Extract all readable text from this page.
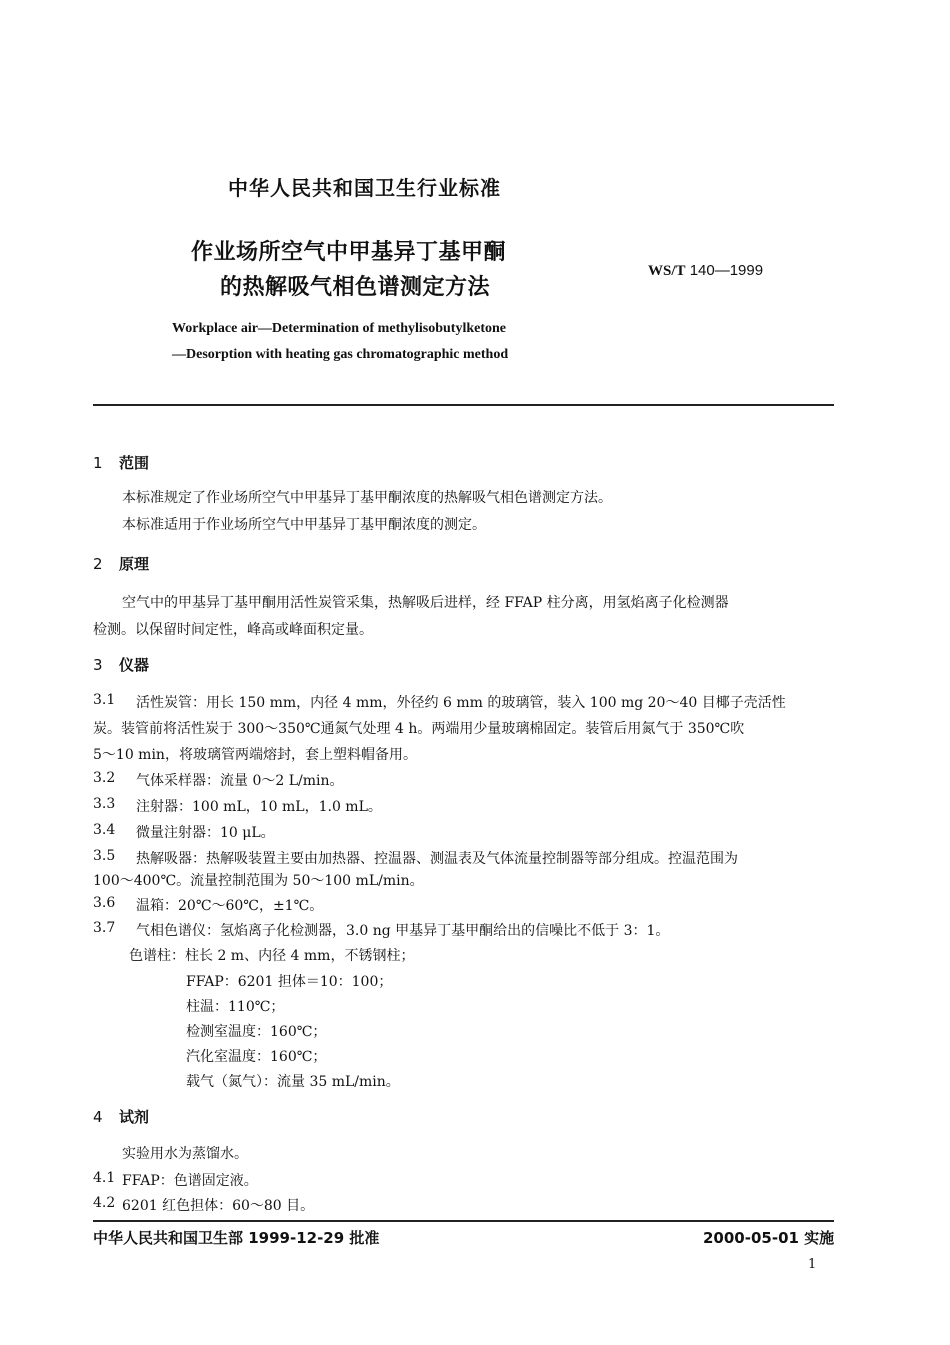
中华人民共和国卫生行业标准
作业场所空气中甲基异丁基甲酮
的热解吸气相色谱测定方法
WS/T 140—1999
Workplace air—Determination of methylisobutylketone
—Desorption with heating gas chromatographic method
1 范围
本标准规定了作业场所空气中甲基异丁基甲酮浓度的热解吸气相色谱测定方法。
本标准适用于作业场所空气中甲基异丁基甲酮浓度的测定。
2 原理
空气中的甲基异丁基甲酮用活性炭管采集，热解吸后进样，经 FFAP 柱分离，用氢焰离子化检测器
检测。以保留时间定性，峰高或峰面积定量。
3 仪器
3.1 活性炭管：用长 150 mm，内径 4 mm，外径约 6 mm 的玻璃管，装入 100 mg 20～40 目椰子壳活性
炭。装管前将活性炭于 300～350℃通氮气处理 4 h。两端用少量玻璃棉固定。装管后用氮气于 350℃吹
5～10 min，将玻璃管两端熔封，套上塑料帽备用。
3.2 气体采样器：流量 0～2 L/min。
3.3 注射器：100 mL，10 mL，1.0 mL。
3.4 微量注射器：10 μL。
3.5 热解吸器：热解吸装置主要由加热器、控温器、测温表及气体流量控制器等部分组成。控温范围为
100～400℃。流量控制范围为 50～100 mL/min。
3.6 温箱：20℃～60℃，±1℃。
3.7 气相色谱仪：氢焰离子化检测器，3.0 ng 甲基异丁基甲酮给出的信噪比不低于 3：1。
色谱柱：柱长 2 m、内径 4 mm，不锈钢柱；
FFAP：6201 担体＝10：100；
柱温：110℃；
检测室温度：160℃；
汽化室温度：160℃；
载气（氮气）：流量 35 mL/min。
4 试剂
实验用水为蒸馏水。
4.1 FFAP：色谱固定液。
4.2 6201 红色担体：60～80 目。
中华人民共和国卫生部 1999-12-29 批准	2000-05-01 实施
1
